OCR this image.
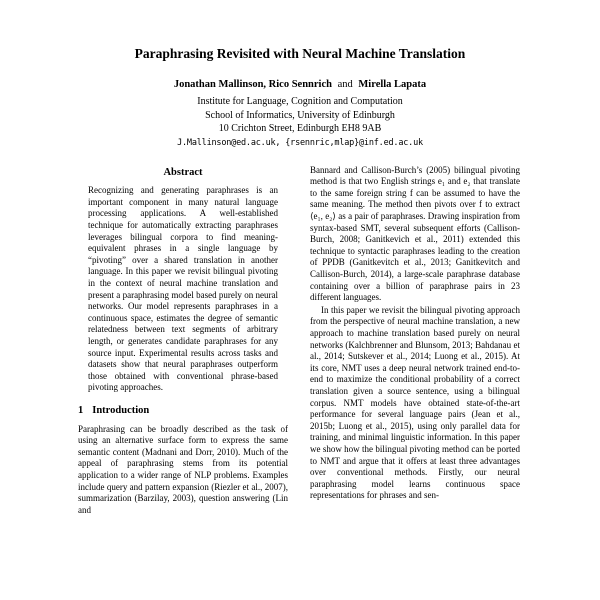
Paraphrasing Revisited with Neural Machine Translation
Jonathan Mallinson, Rico Sennrich and Mirella Lapata
Institute for Language, Cognition and Computation
School of Informatics, University of Edinburgh
10 Crichton Street, Edinburgh EH8 9AB
J.Mallinson@ed.ac.uk, {rsennric,mlap}@inf.ed.ac.uk
Abstract

Recognizing and generating paraphrases is an important component in many natural language processing applications. A well-established technique for automatically extracting paraphrases leverages bilingual corpora to find meaning-equivalent phrases in a single language by “pivoting” over a shared translation in another language. In this paper we revisit bilingual pivoting in the context of neural machine translation and present a paraphrasing model based purely on neural networks. Our model represents paraphrases in a continuous space, estimates the degree of semantic relatedness between text segments of arbitrary length, or generates candidate paraphrases for any source input. Experimental results across tasks and datasets show that neural paraphrases outperform those obtained with conventional phrase-based pivoting approaches.

1 Introduction

Paraphrasing can be broadly described as the task of using an alternative surface form to express the same semantic content (Madnani and Dorr, 2010). Much of the appeal of paraphrasing stems from its potential application to a wider range of NLP problems. Examples include query and pattern expansion (Riezler et al., 2007), summarization (Barzilay, 2003), question answering (Lin and

Bannard and Callison-Burch’s (2005) bilingual pivoting method is that two English strings e₁ and e₂ that translate to the same foreign string f can be assumed to have the same meaning. The method then pivots over f to extract ⟨e₁, e₂⟩ as a pair of paraphrases. Drawing inspiration from syntax-based SMT, several subsequent efforts (Callison-Burch, 2008; Ganitkevich et al., 2011) extended this technique to syntactic paraphrases leading to the creation of PPDB (Ganitkevitch et al., 2013; Ganitkevitch and Callison-Burch, 2014), a large-scale paraphrase database containing over a billion of paraphrase pairs in 23 different languages.

In this paper we revisit the bilingual pivoting approach from the perspective of neural machine translation, a new approach to machine translation based purely on neural networks (Kalchbrenner and Blunsom, 2013; Bahdanau et al., 2014; Sutskever et al., 2014; Luong et al., 2015). At its core, NMT uses a deep neural network trained end-to-end to maximize the conditional probability of a correct translation given a source sentence, using a bilingual corpus. NMT models have obtained state-of-the-art performance for several language pairs (Jean et al., 2015b; Luong et al., 2015), using only parallel data for training, and minimal linguistic information. In this paper we show how the bilingual pivoting method can be ported to NMT and argue that it offers at least three advantages over conventional methods. Firstly, our neural paraphrasing model learns continuous space representations for phrases and sen-
